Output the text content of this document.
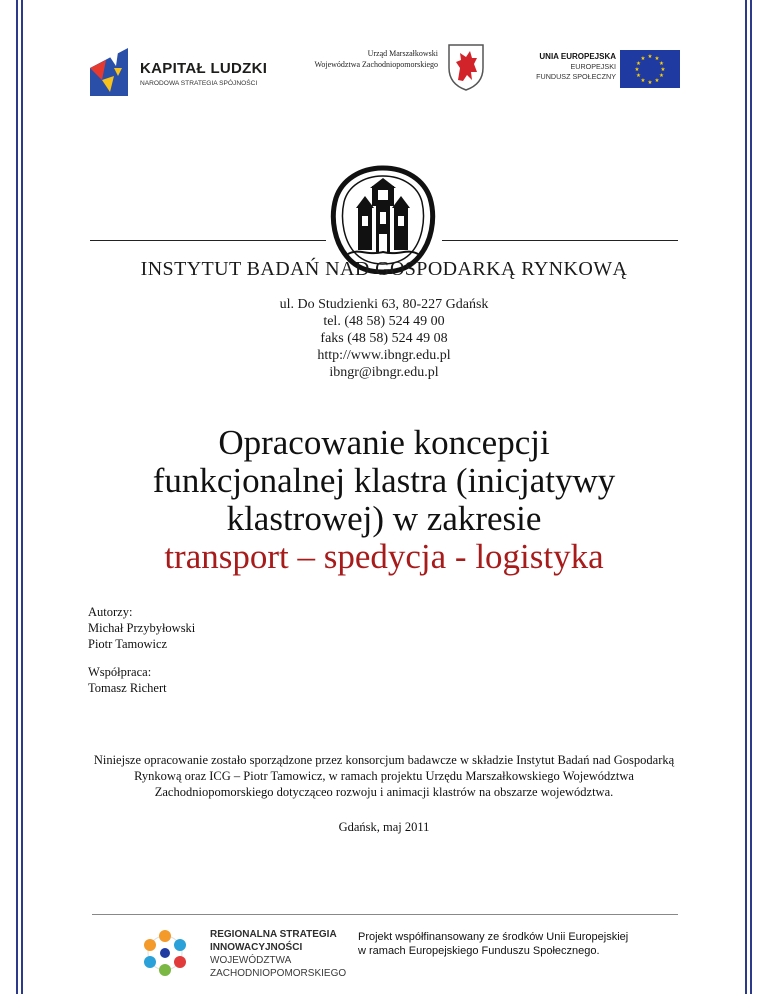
KAPITAŁ LUDZKI
NARODOWA STRATEGIA SPÓJNOŚCI
Urząd Marszałkowski
Województwa Zachodniopomorskiego
UNIA EUROPEJSKA
EUROPEJSKI
FUNDUSZ SPOŁECZNY
★ ★
★
★
★
★
★
★
★
★
★
★
INSTYTUT BADAŃ NAD GOSPODARKĄ RYNKOWĄ
ul. Do Studzienki 63, 80-227 Gdańsk
tel. (48 58) 524 49 00
faks (48 58) 524 49 08
http://www.ibngr.edu.pl
ibngr@ibngr.edu.pl
Opracowanie koncepcji
funkcjonalnej klastra (inicjatywy
klastrowej) w zakresie
transport – spedycja - logistyka
Autorzy:
Michał Przybyłowski
Piotr Tamowicz
Współpraca:
Tomasz Richert
Niniejsze opracowanie zostało sporządzone przez konsorcjum badawcze w składzie Instytut Badań nad Gospodarką Rynkową oraz ICG – Piotr Tamowicz, w ramach projektu Urzędu Marszałkowskiego Województwa Zachodniopomorskiego dotycząceo rozwoju i animacji klastrów na obszarze województwa.
Gdańsk, maj 2011
REGIONALNA STRATEGIA
INNOWACYJNOŚCI
WOJEWÓDZTWA
ZACHODNIOPOMORSKIEGO
Projekt współfinansowany ze środków Unii Europejskiej
w ramach Europejskiego Funduszu Społecznego.
